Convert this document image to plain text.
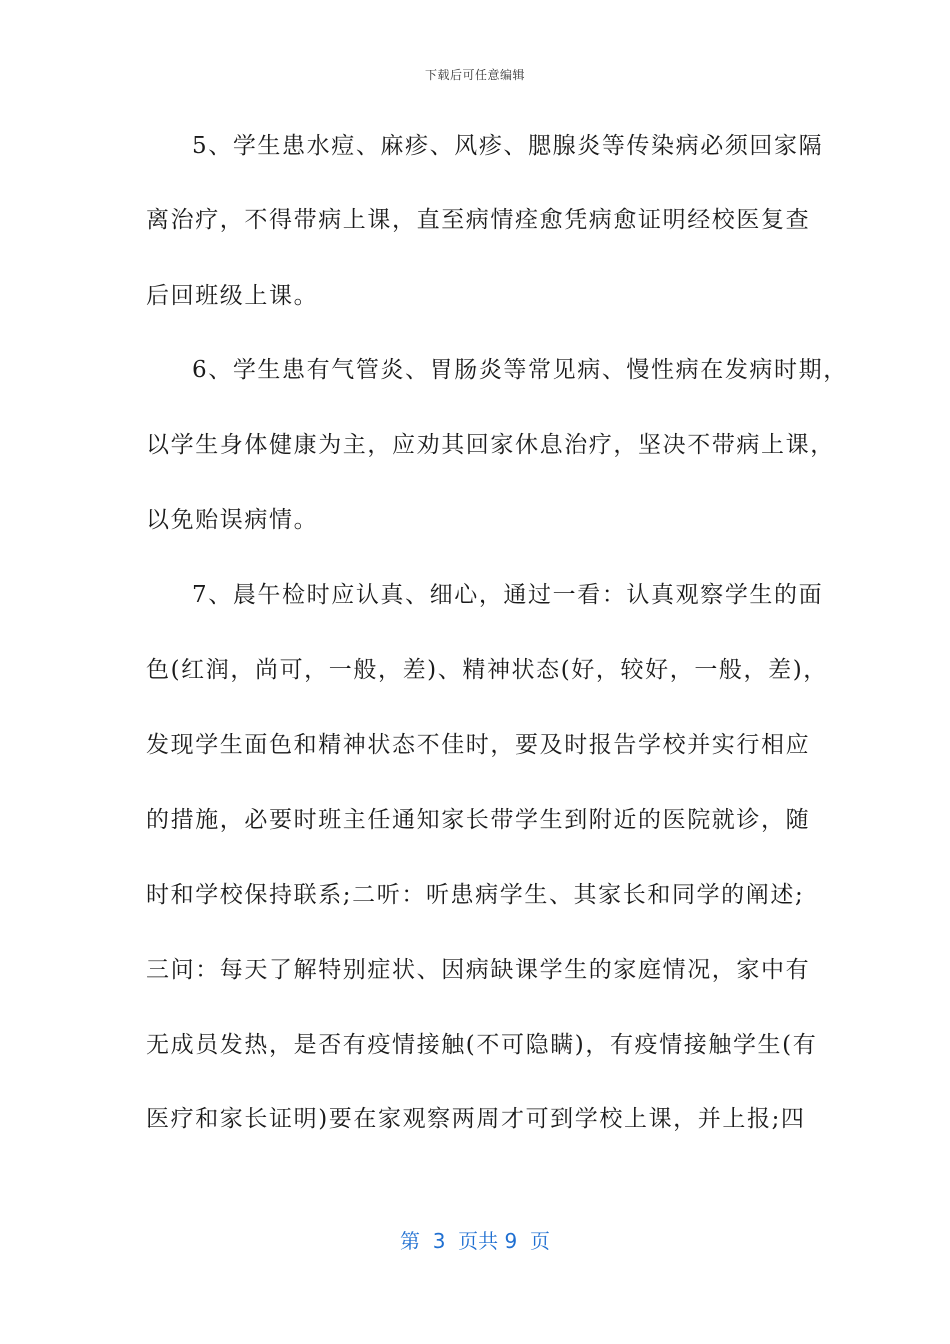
下载后可任意编辑
5、学生患水痘、麻疹、风疹、腮腺炎等传染病必须回家隔
离治疗，不得带病上课，直至病情痊愈凭病愈证明经校医复查
后回班级上课。
6、学生患有气管炎、胃肠炎等常见病、慢性病在发病时期，
以学生身体健康为主，应劝其回家休息治疗，坚决不带病上课，
以免贻误病情。
7、晨午检时应认真、细心，通过一看：认真观察学生的面
色(红润，尚可，一般，差)、精神状态(好，较好，一般，差)，
发现学生面色和精神状态不佳时，要及时报告学校并实行相应
的措施，必要时班主任通知家长带学生到附近的医院就诊，随
时和学校保持联系;二听：听患病学生、其家长和同学的阐述;
三问：每天了解特别症状、因病缺课学生的家庭情况，家中有
无成员发热，是否有疫情接触(不可隐瞒)，有疫情接触学生(有
医疗和家长证明)要在家观察两周才可到学校上课，并上报;四
第  3  页共 9  页
